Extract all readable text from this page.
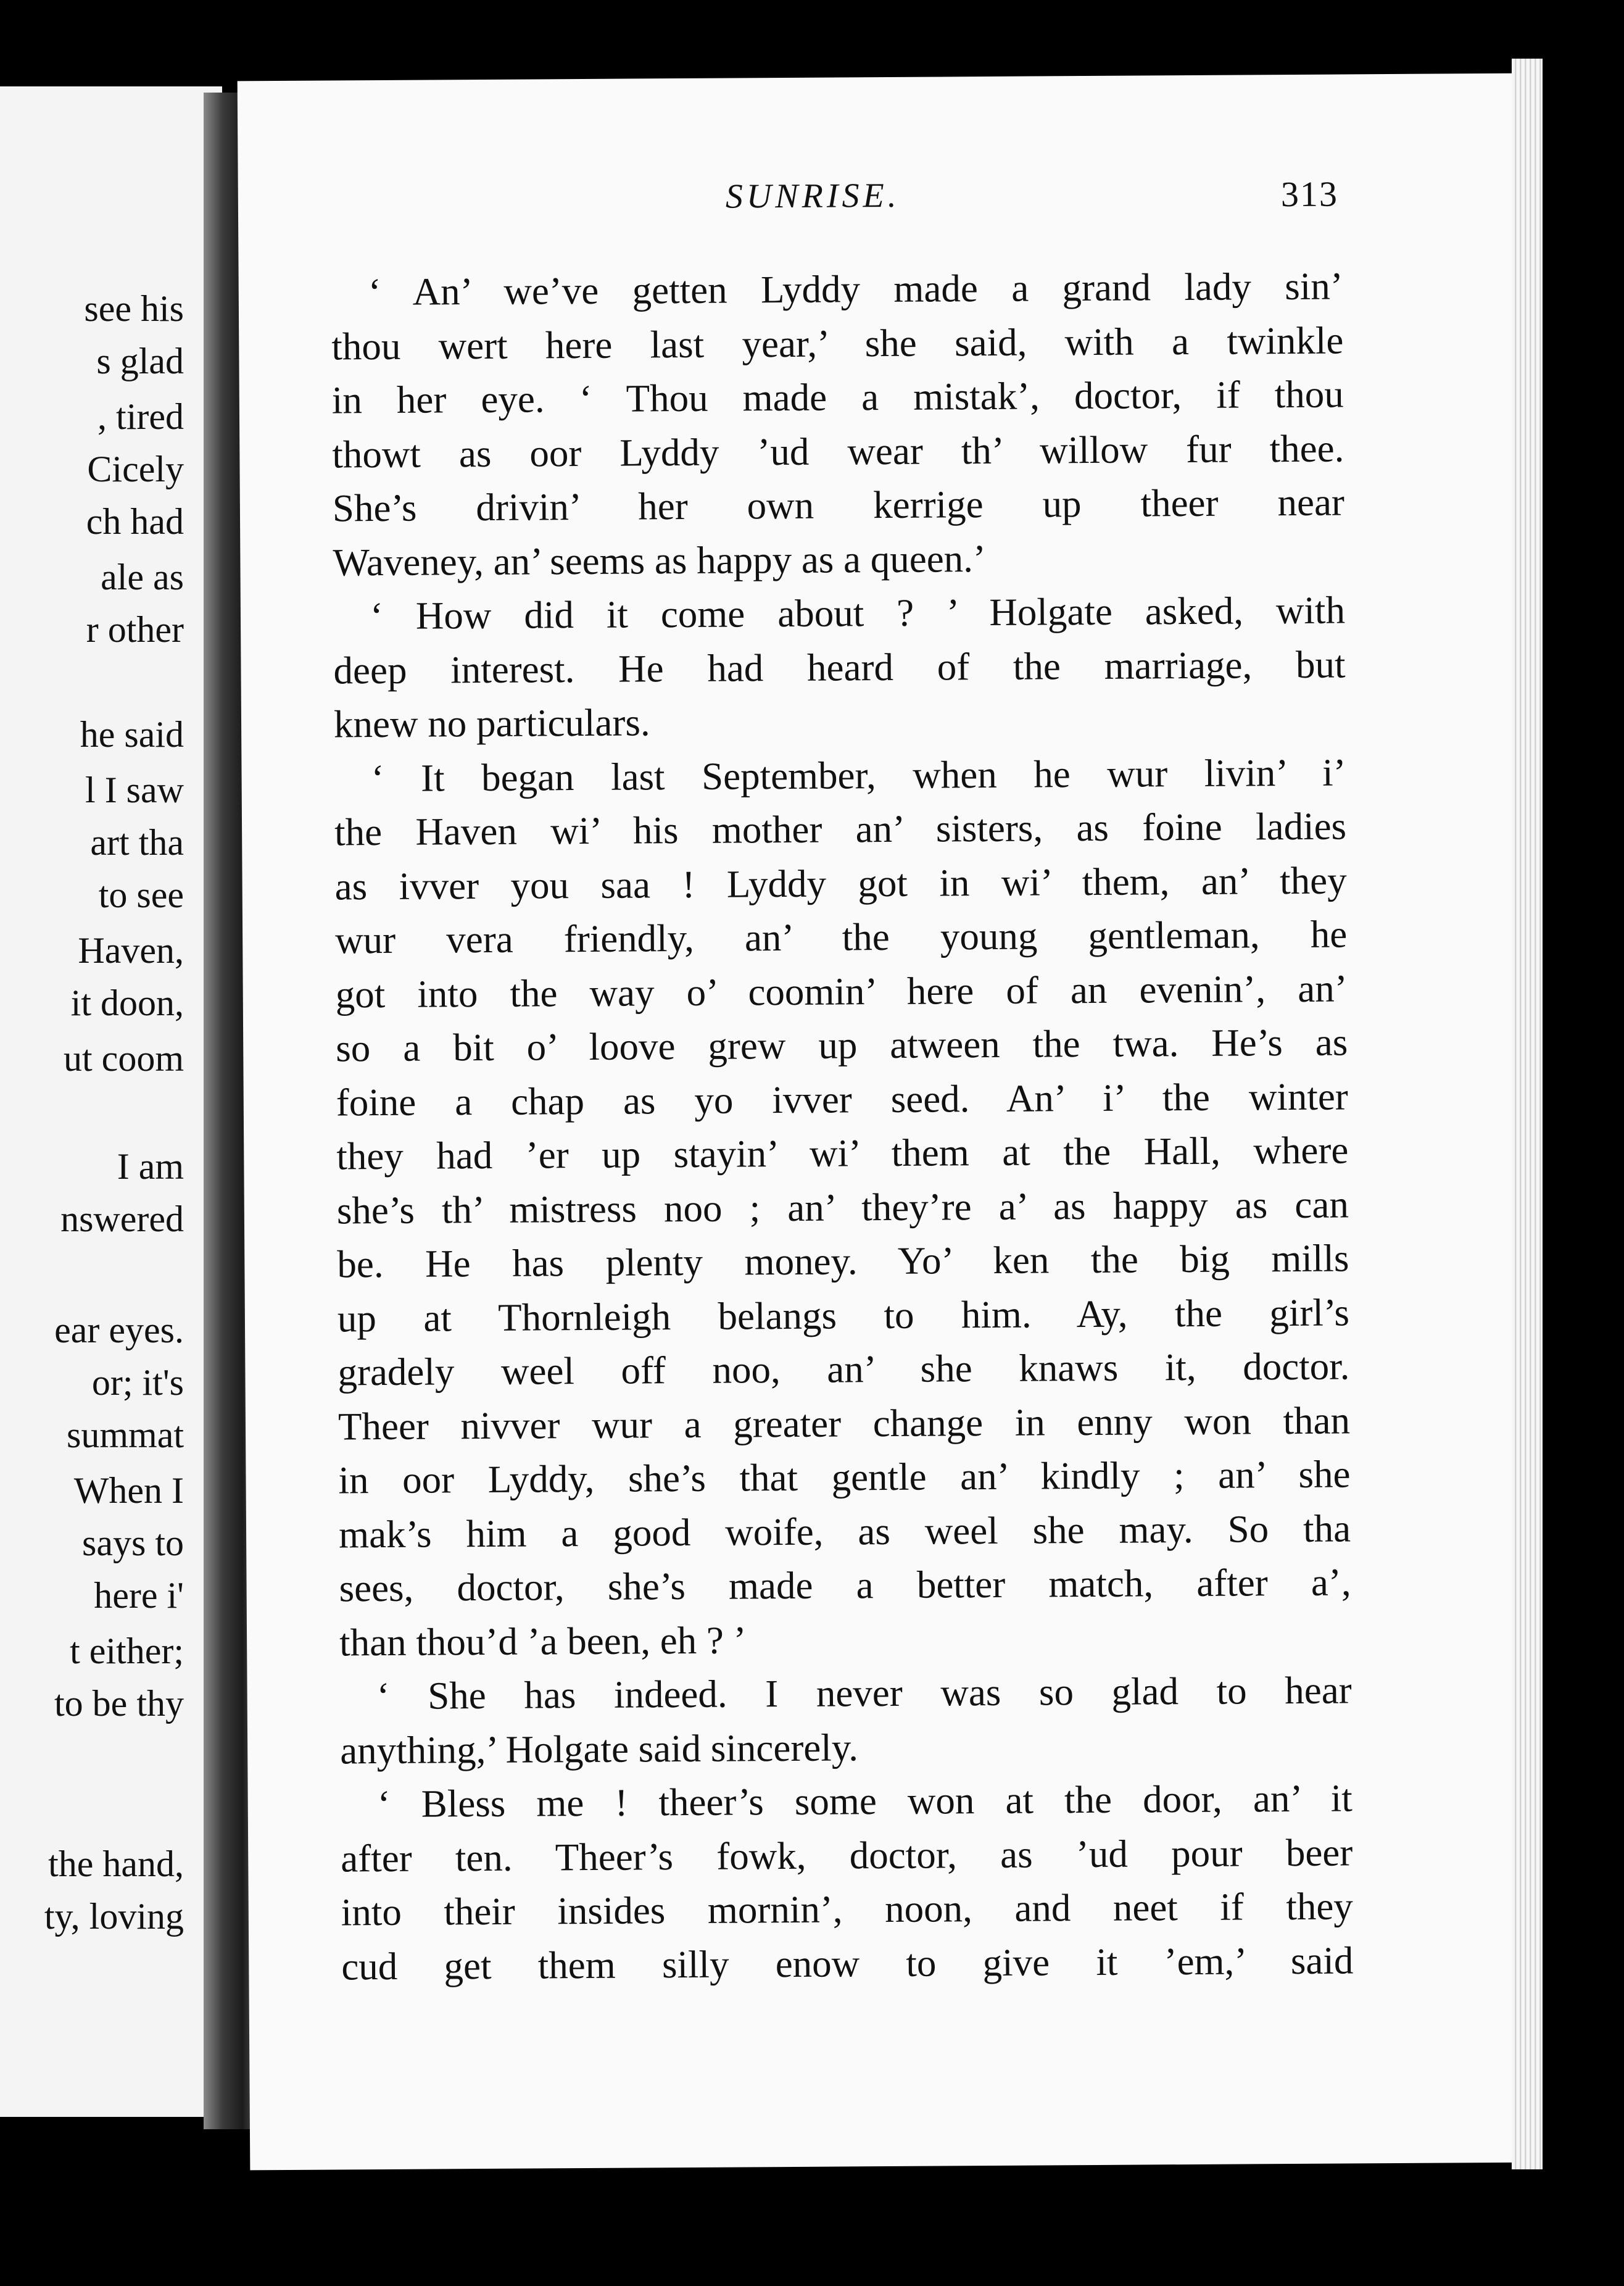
see his
s glad
, tired
Cicely
ch had
ale as
r other
he said
l I saw
art tha
to see
Haven,
it doon,
ut coom
I am
nswered
ear eyes.
or; it's
summat
When I
says to
here i'
t either;
to be thy
the hand,
ty, loving
SUNRISE.	313
‘ An’ we’ve getten Lyddy made a grand lady sin’
thou wert here last year,’ she said, with a twinkle
in her eye. ‘ Thou made a mistak’, doctor, if thou
thowt as oor Lyddy ’ud wear th’ willow fur thee.
She’s drivin’ her own kerrige up theer near
Waveney, an’ seems as happy as a queen.’
‘ How did it come about ? ’ Holgate asked, with
deep interest. He had heard of the marriage, but
knew no particulars.
‘ It began last September, when he wur livin’ i’
the Haven wi’ his mother an’ sisters, as foine ladies
as ivver you saa ! Lyddy got in wi’ them, an’ they
wur vera friendly, an’ the young gentleman, he
got into the way o’ coomin’ here of an evenin’, an’
so a bit o’ loove grew up atween the twa. He’s as
foine a chap as yo ivver seed. An’ i’ the winter
they had ’er up stayin’ wi’ them at the Hall, where
she’s th’ mistress noo ; an’ they’re a’ as happy as can
be. He has plenty money. Yo’ ken the big mills
up at Thornleigh belangs to him. Ay, the girl’s
gradely weel off noo, an’ she knaws it, doctor.
Theer nivver wur a greater change in enny won than
in oor Lyddy, she’s that gentle an’ kindly ; an’ she
mak’s him a good woife, as weel she may. So tha
sees, doctor, she’s made a better match, after a’,
than thou’d ’a been, eh ? ’
‘ She has indeed. I never was so glad to hear
anything,’ Holgate said sincerely.
‘ Bless me ! theer’s some won at the door, an’ it
after ten. Theer’s fowk, doctor, as ’ud pour beer
into their insides mornin’, noon, and neet if they
cud get them silly enow to give it ’em,’ said
